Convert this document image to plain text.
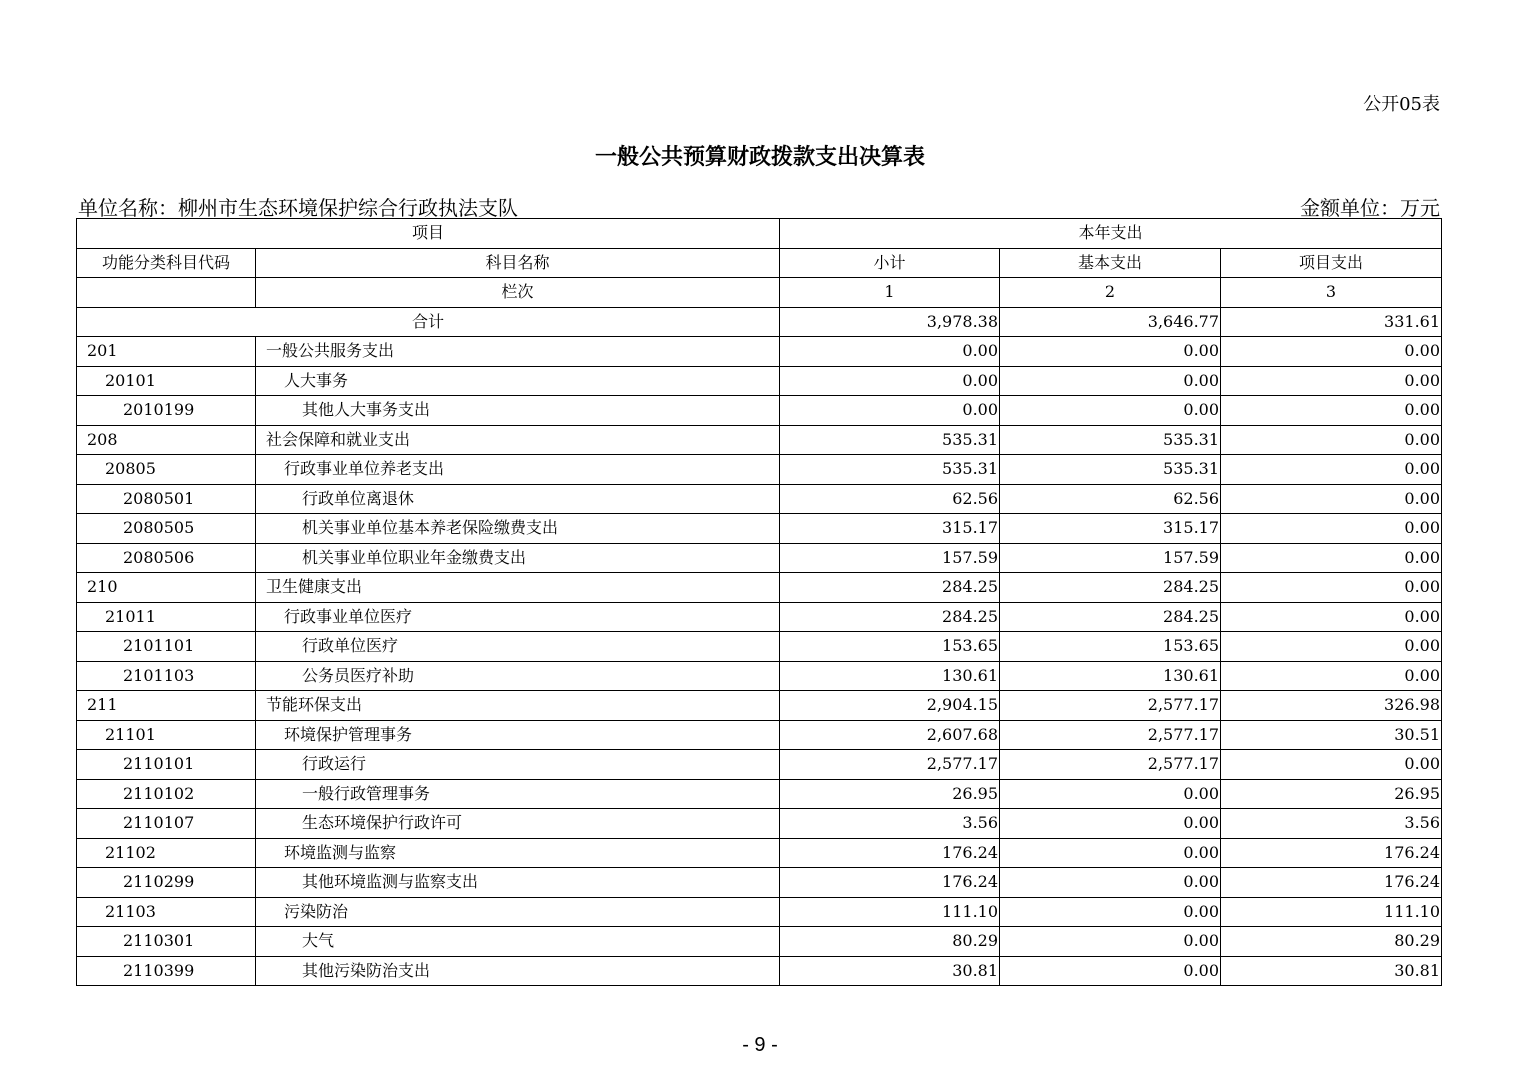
公开05表
一般公共预算财政拨款支出决算表
单位名称：柳州市生态环境保护综合行政执法支队	金额单位：万元
项目		本年支出		
功能分类科目代码	科目名称	小计	基本支出	项目支出
	栏次	1	2	3
合计		3,978.38	3,646.77	331.61
201	一般公共服务支出	0.00	0.00	0.00
20101	人大事务	0.00	0.00	0.00
2010199	其他人大事务支出	0.00	0.00	0.00
208	社会保障和就业支出	535.31	535.31	0.00
20805	行政事业单位养老支出	535.31	535.31	0.00
2080501	行政单位离退休	62.56	62.56	0.00
2080505	机关事业单位基本养老保险缴费支出	315.17	315.17	0.00
2080506	机关事业单位职业年金缴费支出	157.59	157.59	0.00
210	卫生健康支出	284.25	284.25	0.00
21011	行政事业单位医疗	284.25	284.25	0.00
2101101	行政单位医疗	153.65	153.65	0.00
2101103	公务员医疗补助	130.61	130.61	0.00
211	节能环保支出	2,904.15	2,577.17	326.98
21101	环境保护管理事务	2,607.68	2,577.17	30.51
2110101	行政运行	2,577.17	2,577.17	0.00
2110102	一般行政管理事务	26.95	0.00	26.95
2110107	生态环境保护行政许可	3.56	0.00	3.56
21102	环境监测与监察	176.24	0.00	176.24
2110299	其他环境监测与监察支出	176.24	0.00	176.24
21103	污染防治	111.10	0.00	111.10
2110301	大气	80.29	0.00	80.29
2110399	其他污染防治支出	30.81	0.00	30.81
- 9 -
